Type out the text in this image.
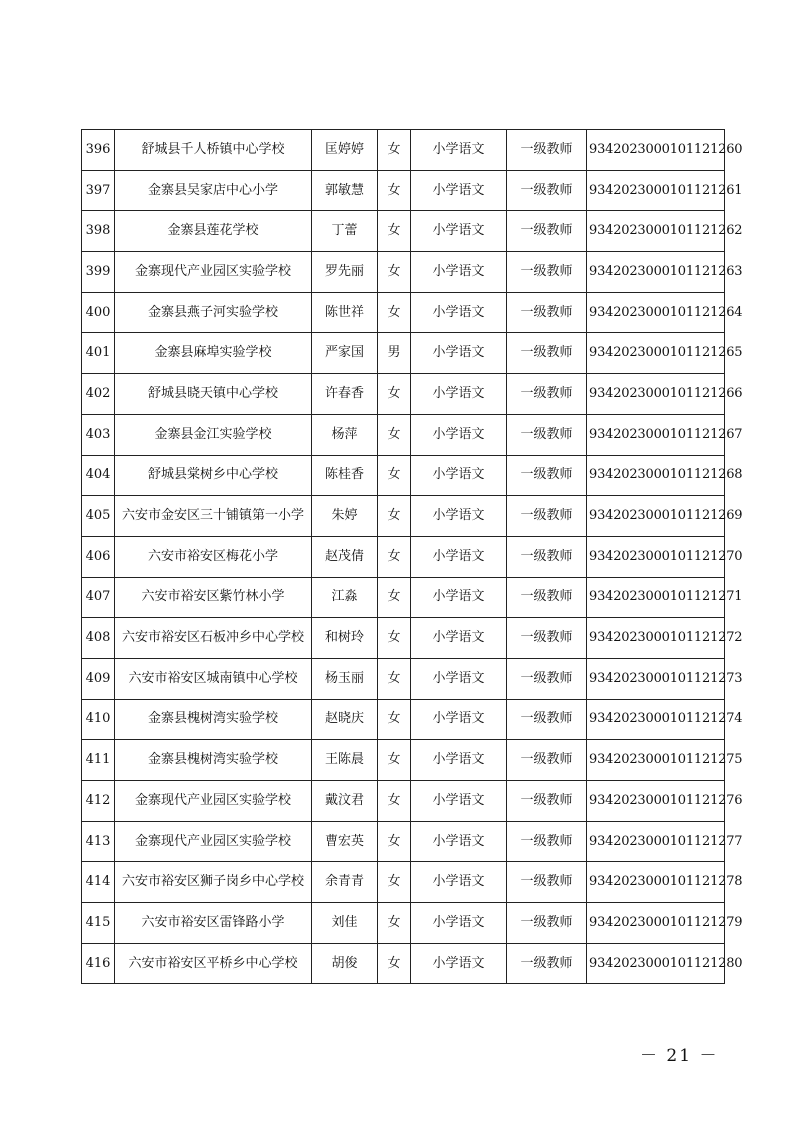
396	舒城县千人桥镇中心学校	匡婷婷	女	小学语文	一级教师	9342023000101121260
397	金寨县吴家店中心小学	郭敏慧	女	小学语文	一级教师	9342023000101121261
398	金寨县莲花学校	丁蕾	女	小学语文	一级教师	9342023000101121262
399	金寨现代产业园区实验学校	罗先丽	女	小学语文	一级教师	9342023000101121263
400	金寨县燕子河实验学校	陈世祥	女	小学语文	一级教师	9342023000101121264
401	金寨县麻埠实验学校	严家国	男	小学语文	一级教师	9342023000101121265
402	舒城县晓天镇中心学校	许春香	女	小学语文	一级教师	9342023000101121266
403	金寨县金江实验学校	杨萍	女	小学语文	一级教师	9342023000101121267
404	舒城县棠树乡中心学校	陈桂香	女	小学语文	一级教师	9342023000101121268
405	六安市金安区三十铺镇第一小学	朱婷	女	小学语文	一级教师	9342023000101121269
406	六安市裕安区梅花小学	赵茂倩	女	小学语文	一级教师	9342023000101121270
407	六安市裕安区紫竹林小学	江淼	女	小学语文	一级教师	9342023000101121271
408	六安市裕安区石板冲乡中心学校	和树玲	女	小学语文	一级教师	9342023000101121272
409	六安市裕安区城南镇中心学校	杨玉丽	女	小学语文	一级教师	9342023000101121273
410	金寨县槐树湾实验学校	赵晓庆	女	小学语文	一级教师	9342023000101121274
411	金寨县槐树湾实验学校	王陈晨	女	小学语文	一级教师	9342023000101121275
412	金寨现代产业园区实验学校	戴汶君	女	小学语文	一级教师	9342023000101121276
413	金寨现代产业园区实验学校	曹宏英	女	小学语文	一级教师	9342023000101121277
414	六安市裕安区狮子岗乡中心学校	余青青	女	小学语文	一级教师	9342023000101121278
415	六安市裕安区雷锋路小学	刘佳	女	小学语文	一级教师	9342023000101121279
416	六安市裕安区平桥乡中心学校	胡俊	女	小学语文	一级教师	9342023000101121280
－ 21 －
